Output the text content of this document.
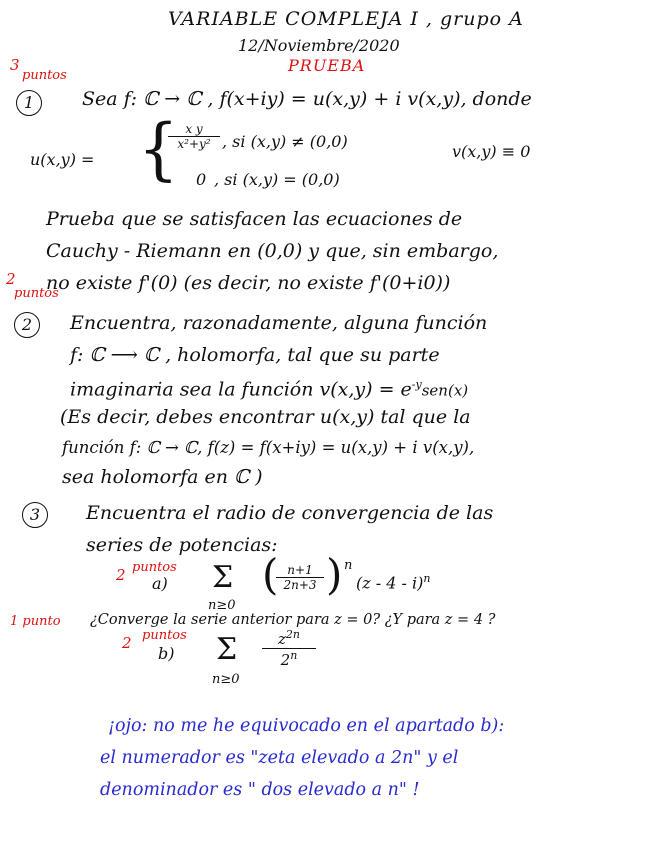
VARIABLE COMPLEJA I , grupo A
12/Noviembre/2020
PRUEBA
3
puntos
1	Sea f: ℂ → ℂ , f(x+iy) = u(x,y) + i v(x,y), donde
u(x,y) = { x y
x²+y² , si (x,y) ≠ (0,0)
0 , si (x,y) = (0,0)
v(x,y) ≡ 0
Prueba que se satisfacen las ecuaciones de
Cauchy - Riemann en (0,0) y que, sin embargo,
no existe f'(0) (es decir, no existe f'(0+i0))
2
puntos
2	Encuentra, razonadamente, alguna función
f: ℂ ⟶ ℂ , holomorfa, tal que su parte
imaginaria sea la función $v(x,y) = e^{-y}sen(x)$
(Es decir, debes encontrar u(x,y) tal que la
función f: ℂ → ℂ, f(z) = f(x+iy) = u(x,y) + i v(x,y),
sea holomorfa en ℂ )
3	Encuentra el radio de convergencia de las
series de potencias:
2 puntos
a) Σ
n≥0
( n+1
2n+3 ) n
(z - 4 - i)$^n$
1 punto ¿Converge la serie anterior para z = 0? ¿Y para z = 4 ?
2 puntos
b) Σ
n≥0
$z^{2n}$
2$^n$
¡ojo: no me he equivocado en el apartado b):
el numerador es "zeta elevado a 2n" y el
denominador es " dos elevado a n" !
